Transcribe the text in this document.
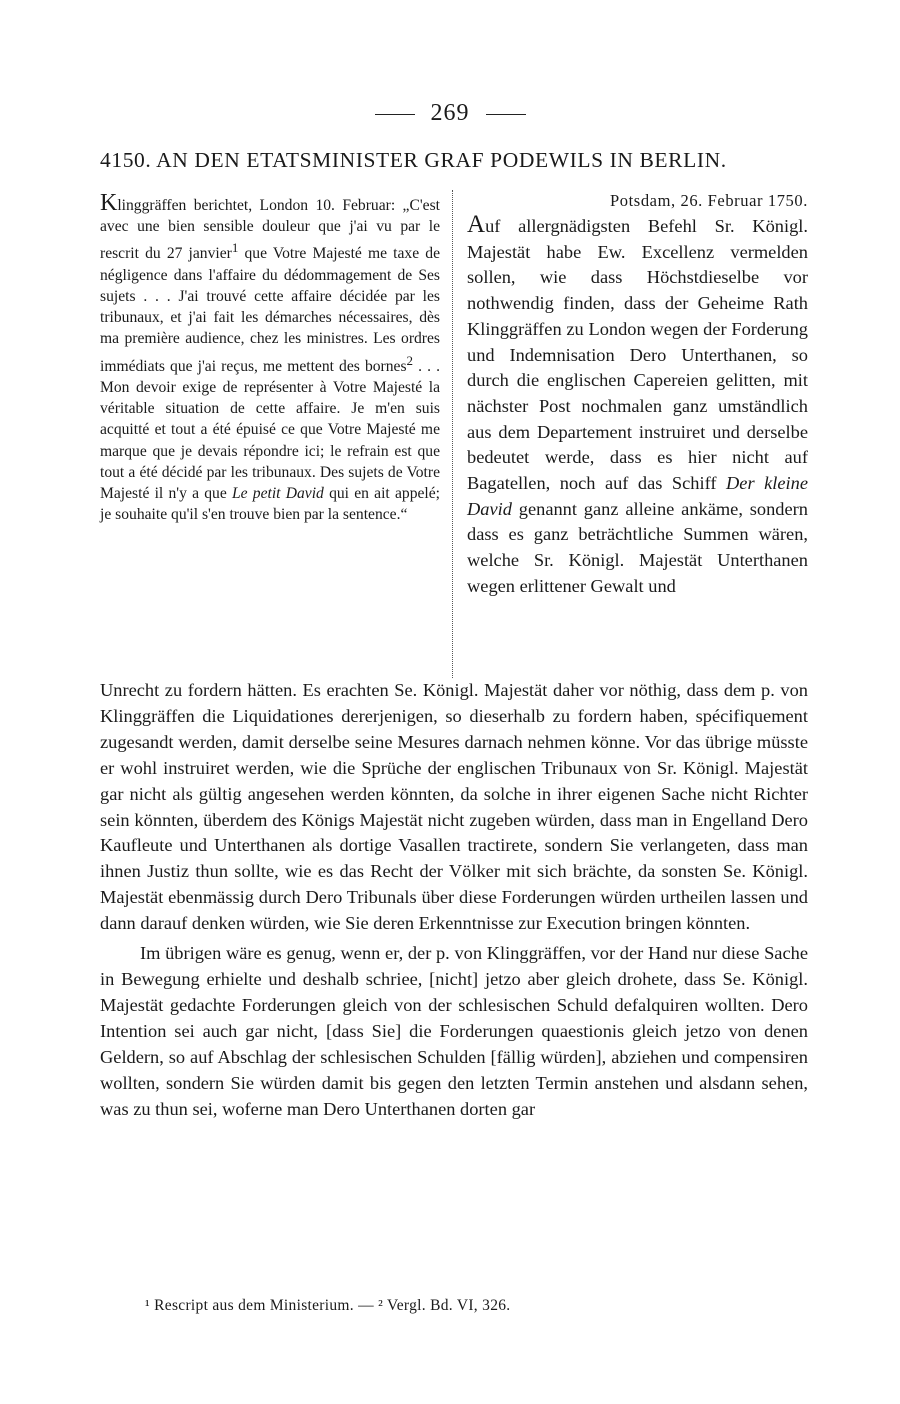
269
4150. AN DEN ETATSMINISTER GRAF PODEWILS IN BERLIN.
Klinggräffen berichtet, London 10. Februar: „C'est avec une bien sensible douleur que j'ai vu par le rescrit du 27 janvier$^1$ que Votre Majesté me taxe de négligence dans l'affaire du dédommagement de Ses sujets . . . J'ai trouvé cette affaire décidée par les tribunaux, et j'ai fait les démarches nécessaires, dès ma première audience, chez les ministres. Les ordres immédiats que j'ai reçus, me mettent des bornes$^2$ . . . Mon devoir exige de représenter à Votre Majesté la véritable situation de cette affaire. Je m'en suis acquitté et tout a été épuisé ce que Votre Majesté me marque que je devais répondre ici; le refrain est que tout a été décidé par les tribunaux. Des sujets de Votre Majesté il n'y a que Le petit David qui en ait appelé; je souhaite qu'il s'en trouve bien par la sentence.“
Potsdam, 26. Februar 1750.
Auf allergnädigsten Befehl Sr. Königl. Majestät habe Ew. Excellenz vermelden sollen, wie dass Höchstdieselbe vor nothwendig finden, dass der Geheime Rath Klinggräffen zu London wegen der Forderung und Indemnisation Dero Unterthanen, so durch die englischen Capereien gelitten, mit nächster Post nochmalen ganz umständlich aus dem Departement instruiret und derselbe bedeutet werde, dass es hier nicht auf Bagatellen, noch auf das Schiff Der kleine David genannt ganz alleine ankäme, sondern dass es ganz beträchtliche Summen wären, welche Sr. Königl. Majestät Unterthanen wegen erlittener Gewalt und

Unrecht zu fordern hätten. Es erachten Se. Königl. Majestät daher vor nöthig, dass dem p. von Klinggräffen die Liquidationes dererjenigen, so dieserhalb zu fordern haben, spécifiquement zugesandt werden, damit derselbe seine Mesures darnach nehmen könne. Vor das übrige müsste er wohl instruiret werden, wie die Sprüche der englischen Tribunaux von Sr. Königl. Majestät gar nicht als gültig angesehen werden könnten, da solche in ihrer eigenen Sache nicht Richter sein könnten, überdem des Königs Majestät nicht zugeben würden, dass man in Engelland Dero Kaufleute und Unterthanen als dortige Vasallen tractirete, sondern Sie verlangeten, dass man ihnen Justiz thun sollte, wie es das Recht der Völker mit sich brächte, da sonsten Se. Königl. Majestät ebenmässig durch Dero Tribunals über diese Forderungen würden urtheilen lassen und dann darauf denken würden, wie Sie deren Erkenntnisse zur Execution bringen könnten.

Im übrigen wäre es genug, wenn er, der p. von Klinggräffen, vor der Hand nur diese Sache in Bewegung erhielte und deshalb schriee, [nicht] jetzo aber gleich drohete, dass Se. Königl. Majestät gedachte Forderungen gleich von der schlesischen Schuld defalquiren wollten. Dero Intention sei auch gar nicht, [dass Sie] die Forderungen quaestionis gleich jetzo von denen Geldern, so auf Abschlag der schlesischen Schulden [fällig würden], abziehen und compensiren wollten, sondern Sie würden damit bis gegen den letzten Termin anstehen und alsdann sehen, was zu thun sei, woferne man Dero Unterthanen dorten gar

¹ Rescript aus dem Ministerium. — ² Vergl. Bd. VI, 326.
